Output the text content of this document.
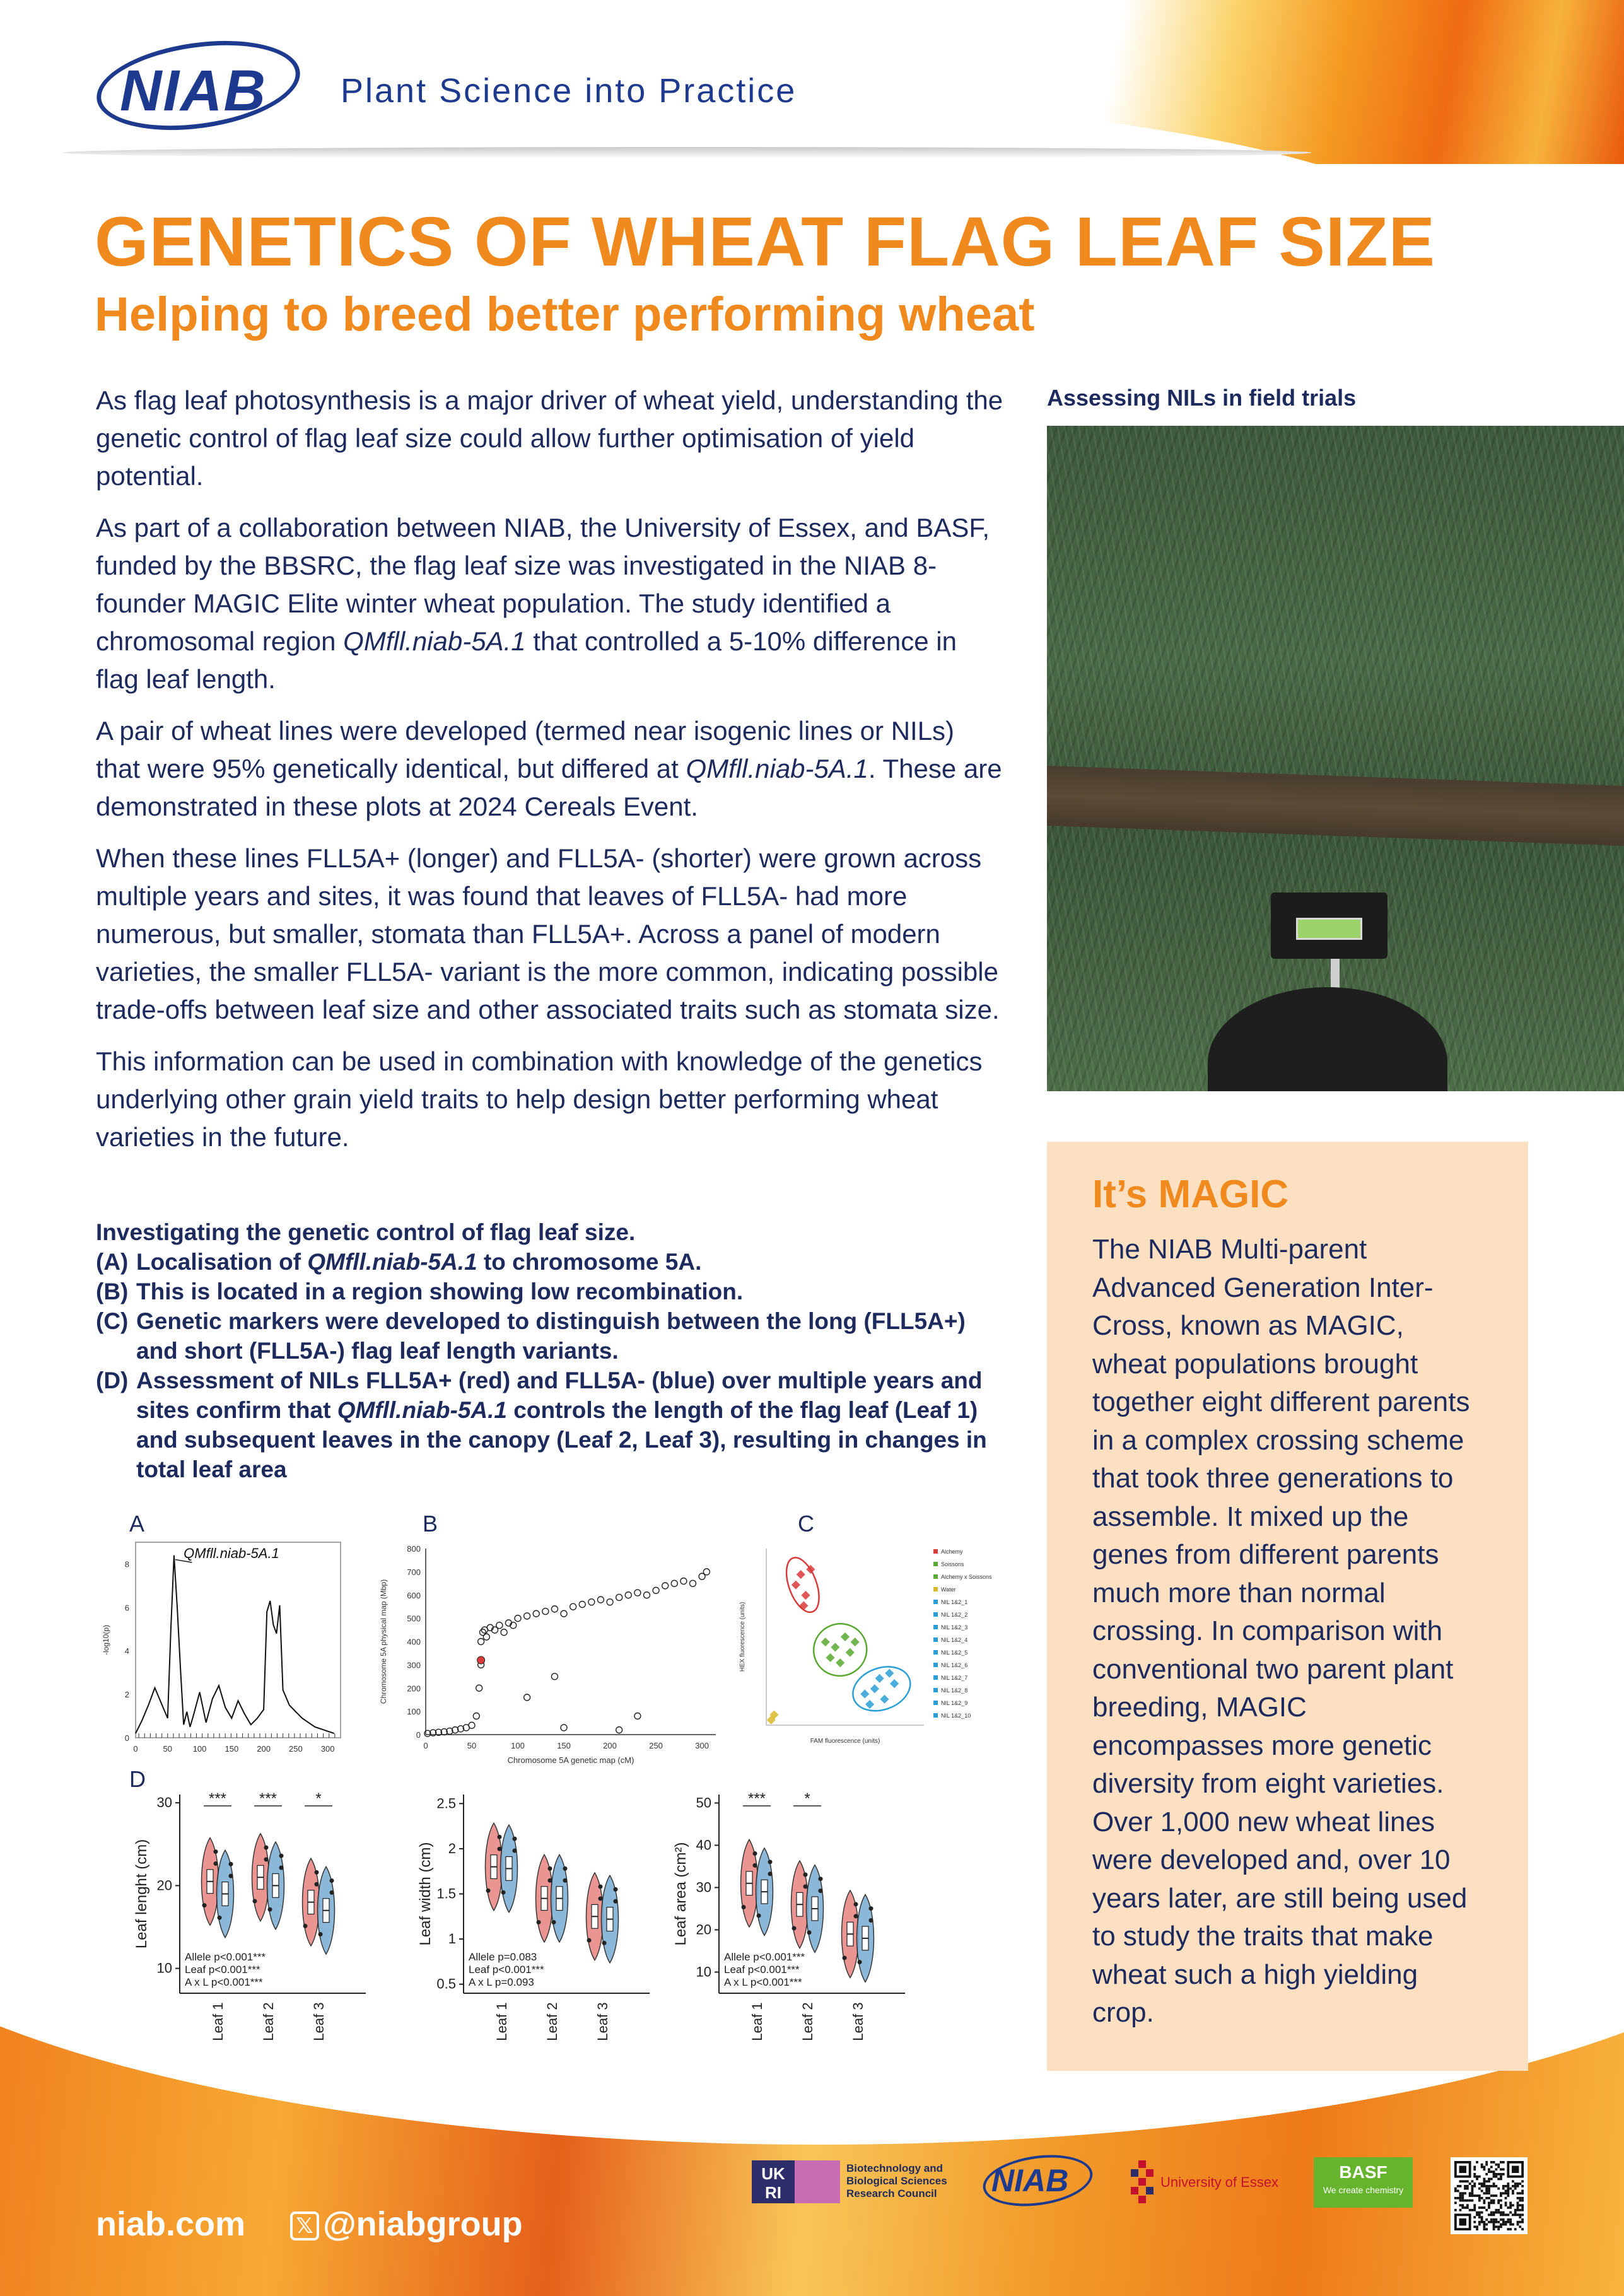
NIAB Plant Science into Practice
GENETICS OF WHEAT FLAG LEAF SIZE
Helping to breed better performing wheat

As flag leaf photosynthesis is a major driver of wheat yield, understanding the genetic control of flag leaf size could allow further optimisation of yield potential.

As part of a collaboration between NIAB, the University of Essex, and BASF, funded by the BBSRC, the flag leaf size was investigated in the NIAB 8-founder MAGIC Elite winter wheat population. The study identified a chromosomal region QMfll.niab-5A.1 that controlled a 5-10% difference in flag leaf length.

A pair of wheat lines were developed (termed near isogenic lines or NILs) that were 95% genetically identical, but differed at QMfll.niab-5A.1. These are demonstrated in these plots at 2024 Cereals Event.

When these lines FLL5A+ (longer) and FLL5A- (shorter) were grown across multiple years and sites, it was found that leaves of FLL5A- had more numerous, but smaller, stomata than FLL5A+. Across a panel of modern varieties, the smaller FLL5A- variant is the more common, indicating possible trade-offs between leaf size and other associated traits such as stomata size.

This information can be used in combination with knowledge of the genetics underlying other grain yield traits to help design better performing wheat varieties in the future.

Investigating the genetic control of flag leaf size.
(A) Localisation of QMfll.niab-5A.1 to chromosome 5A.
(B) This is located in a region showing low recombination.
(C) Genetic markers were developed to distinguish between the long (FLL5A+) and short (FLL5A-) flag leaf length variants.
(D) Assessment of NILs FLL5A+ (red) and FLL5A- (blue) over multiple years and sites confirm that QMfll.niab-5A.1 controls the length of the flag leaf (Leaf 1) and subsequent leaves in the canopy (Leaf 2, Leaf 3), resulting in changes in total leaf area
Assessing NILs in field trials
It’s MAGIC
The NIAB Multi-parent Advanced Generation Inter-Cross, known as MAGIC, wheat populations brought together eight different parents in a complex crossing scheme that took three generations to assemble. It mixed up the genes from different parents much more than normal crossing. In comparison with conventional two parent plant breeding, MAGIC encompasses more genetic diversity from eight varieties. Over 1,000 new wheat lines were developed and, over 10 years later, are still being used to study the traits that make wheat such a high yielding crop.
A	B	C
D
0
2
4
6
8
0	50	100 150 200 250 300
-log10(p)
QMfll.niab-5A.1
0
100
200
300
400
500
600
700
800
0	50	100	150	200	250	300
Chromosome 5A genetic map (cM)
Chromosome 5A physical map (Mbp)
FAM fluorescence (units)
HEX fluorescence (units)
Alchemy
Soissons
Alchemy x Soissons
Water
NIL 1&2_1
NIL 1&2_2
NIL 1&2_3
NIL 1&2_4
NIL 1&2_5
NIL 1&2_6
NIL 1&2_7
NIL 1&2_8
NIL 1&2_9
NIL 1&2_10
10
20
30
Leaf lenght (cm)
Leaf 1
***
Leaf 2
***
Leaf 3
*
Allele p<0.001***
Leaf p<0.001***
A x L p<0.001***	0.5
1
1.5
2
2.5
Leaf width (cm)
Leaf 1	Leaf 2	Leaf 3
Allele p=0.083
Leaf p<0.001***
A x L p=0.093
10
20
30
40
50
Leaf area (cm²)
Leaf 1
***
Leaf 2
*
Leaf 3
Allele p<0.001***
Leaf p<0.001***
A x L p<0.001***
niab.com 𝕏 @niabgroup
UK
RI
Biotechnology and Biological Sciences Research Council	NIAB	University of Essex
BASF
We create chemistry
